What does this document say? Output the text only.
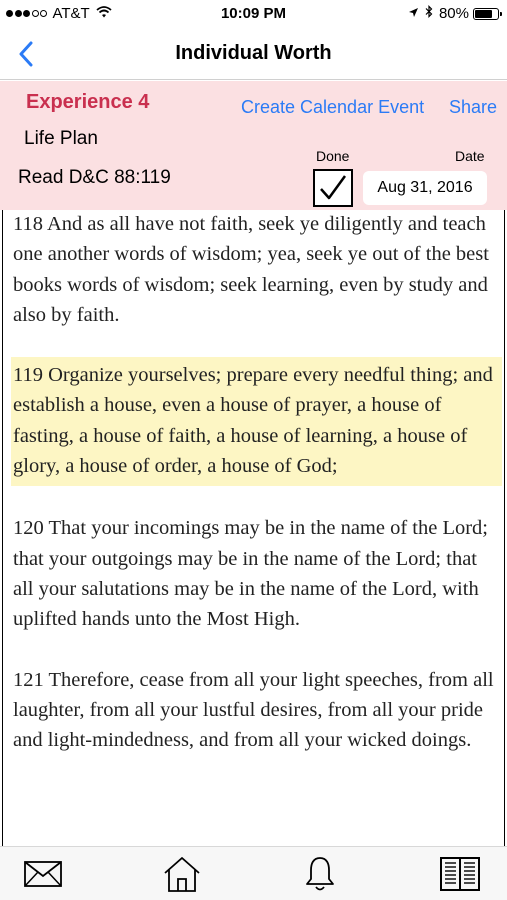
AT&T	10:09 PM	80%
Individual Worth
Experience 4
Life Plan
Read D&C 88:119
Create Calendar Event Share
Done	Date
Aug 31, 2016

118 And as all have not faith, seek ye diligently and teach one another words of wisdom; yea, seek ye out of the best books words of wisdom; seek learning, even by study and also by faith.

119 Organize yourselves; prepare every needful thing; and establish a house, even a house of prayer, a house of fasting, a house of faith, a house of learning, a house of glory, a house of order, a house of God;

120 That your incomings may be in the name of the Lord; that your outgoings may be in the name of the Lord; that all your salutations may be in the name of the Lord, with uplifted hands unto the Most High.

121 Therefore, cease from all your light speeches, from all laughter, from all your lustful desires, from all your pride and light-mindedness, and from all your wicked doings.
